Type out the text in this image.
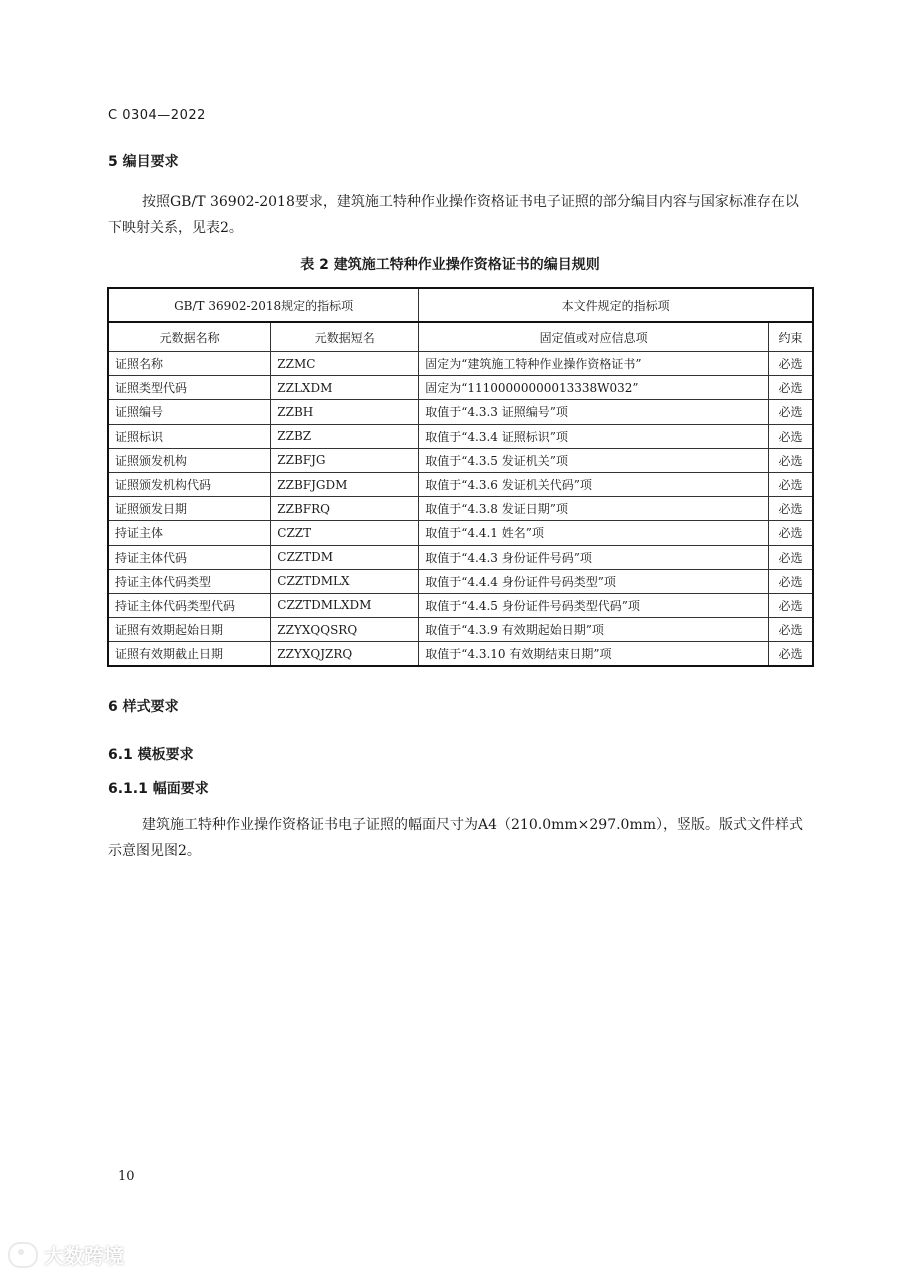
C 0304—2022
5 编目要求
按照GB/T 36902-2018要求，建筑施工特种作业操作资格证书电子证照的部分编目内容与国家标准存在以下映射关系，见表2。
表 2 建筑施工特种作业操作资格证书的编目规则
GB/T 36902-2018规定的指标项		本文件规定的指标项	
元数据名称	元数据短名	固定值或对应信息项	约束
证照名称	ZZMC	固定为“建筑施工特种作业操作资格证书”	必选
证照类型代码	ZZLXDM	固定为“11100000000013338W032”	必选
证照编号	ZZBH	取值于“4.3.3 证照编号”项	必选
证照标识	ZZBZ	取值于“4.3.4 证照标识”项	必选
证照颁发机构	ZZBFJG	取值于“4.3.5 发证机关”项	必选
证照颁发机构代码	ZZBFJGDM	取值于“4.3.6 发证机关代码”项	必选
证照颁发日期	ZZBFRQ	取值于“4.3.8 发证日期”项	必选
持证主体	CZZT	取值于“4.4.1 姓名”项	必选
持证主体代码	CZZTDM	取值于“4.4.3 身份证件号码”项	必选
持证主体代码类型	CZZTDMLX	取值于“4.4.4 身份证件号码类型”项	必选
持证主体代码类型代码	CZZTDMLXDM	取值于“4.4.5 身份证件号码类型代码”项	必选
证照有效期起始日期	ZZYXQQSRQ	取值于“4.3.9 有效期起始日期”项	必选
证照有效期截止日期	ZZYXQJZRQ	取值于“4.3.10 有效期结束日期”项	必选
6 样式要求
6.1 模板要求
6.1.1 幅面要求
建筑施工特种作业操作资格证书电子证照的幅面尺寸为A4（210.0mm×297.0mm），竖版。版式文件样式示意图见图2。
10
大数跨境
